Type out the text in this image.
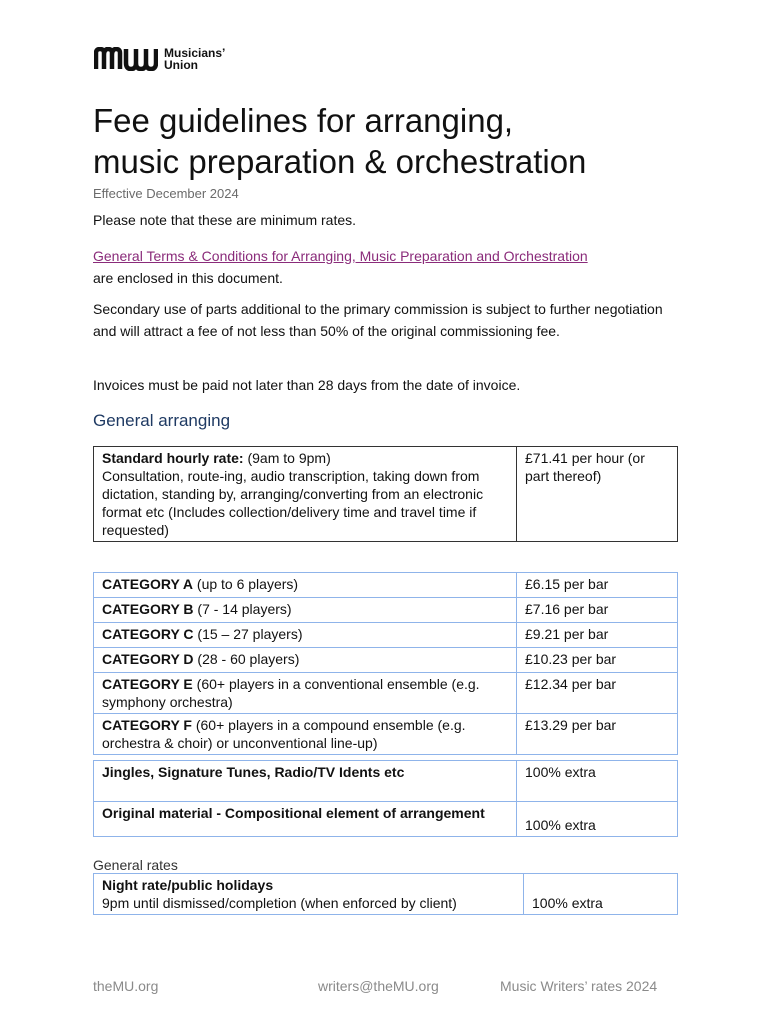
Musicians’
Union
Fee guidelines for arranging,
music preparation & orchestration
Effective December 2024

Please note that these are minimum rates.

General Terms & Conditions for Arranging, Music Preparation and Orchestration
are enclosed in this document.

Secondary use of parts additional to the primary commission is subject to further negotiation and will attract a fee of not less than 50% of the original commissioning fee.

Invoices must be paid not later than 28 days from the date of invoice.

General arranging
Standard hourly rate: (9am to 9pm)
Consultation, route-ing, audio transcription, taking down from dictation, standing by, arranging/converting from an electronic format etc (Includes collection/delivery time and travel time if requested)	£71.41 per hour (or part thereof)
CATEGORY A (up to 6 players)	£6.15 per bar
CATEGORY B (7 - 14 players)	£7.16 per bar
CATEGORY C (15 – 27 players)	£9.21 per bar
CATEGORY D (28 - 60 players)	£10.23 per bar
CATEGORY E (60+ players in a conventional ensemble (e.g. symphony orchestra)	£12.34 per bar
CATEGORY F (60+ players in a compound ensemble (e.g. orchestra & choir) or unconventional line-up)	£13.29 per bar
Jingles, Signature Tunes, Radio/TV Idents etc	100% extra
Original material - Compositional element of arrangement	100% extra
General rates
Night rate/public holidays
9pm until dismissed/completion (when enforced by client)	100% extra
theMU.org	writers@theMU.org	Music Writers’ rates 2024
